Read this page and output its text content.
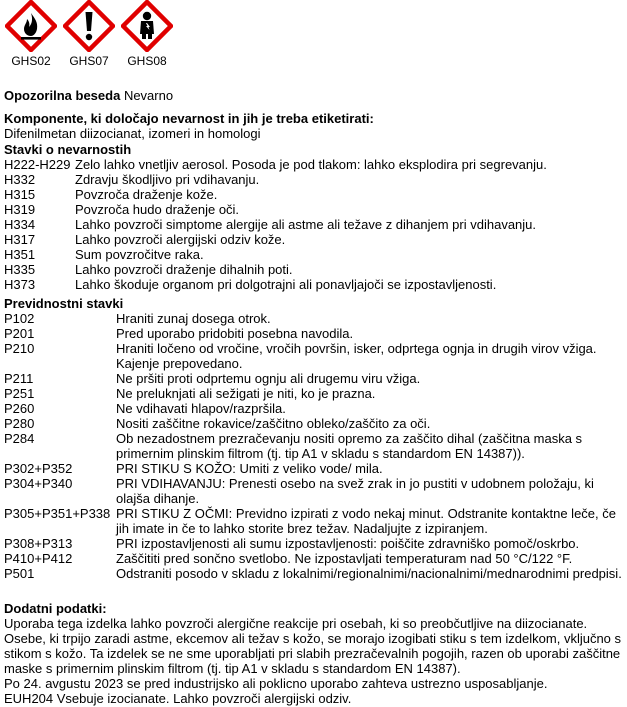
GHS02 GHS07 GHS08
Opozorilna beseda Nevarno
Komponente, ki določajo nevarnost in jih je treba etiketirati:
Difenilmetan diizocianat, izomeri in homologi
Stavki o nevarnostih
H222-H229 Zelo lahko vnetljiv aerosol. Posoda je pod tlakom: lahko eksplodira pri segrevanju.
H332	Zdravju škodljivo pri vdihavanju.
H315	Povzroča draženje kože.
H319	Povzroča hudo draženje oči.
H334	Lahko povzroči simptome alergije ali astme ali težave z dihanjem pri vdihavanju.
H317	Lahko povzroči alergijski odziv kože.
H351	Sum povzročitve raka.
H335	Lahko povzroči draženje dihalnih poti.
H373	Lahko škoduje organom pri dolgotrajni ali ponavljajoči se izpostavljenosti.
Previdnostni stavki
P102	Hraniti zunaj dosega otrok.
P201	Pred uporabo pridobiti posebna navodila.
P210	Hraniti ločeno od vročine, vročih površin, isker, odprtega ognja in drugih virov vžiga. Kajenje prepovedano.
P211	Ne pršiti proti odprtemu ognju ali drugemu viru vžiga.
P251	Ne preluknjati ali sežigati je niti, ko je prazna.
P260	Ne vdihavati hlapov/razpršila.
P280	Nositi zaščitne rokavice/zaščitno obleko/zaščito za oči.
P284	Ob nezadostnem prezračevanju nositi opremo za zaščito dihal (zaščitna maska s primernim plinskim filtrom (tj. tip A1 v skladu s standardom EN 14387)).
P302+P352	PRI STIKU S KOŽO: Umiti z veliko vode/ mila.
P304+P340	PRI VDIHAVANJU: Prenesti osebo na svež zrak in jo pustiti v udobnem položaju, ki olajša dihanje.
P305+P351+P338 PRI STIKU Z OČMI: Previdno izpirati z vodo nekaj minut. Odstranite kontaktne leče, če jih imate in če to lahko storite brez težav. Nadaljujte z izpiranjem.
P308+P313	PRI izpostavljenosti ali sumu izpostavljenosti: poiščite zdravniško pomoč/oskrbo.
P410+P412	Zaščititi pred sončno svetlobo. Ne izpostavljati temperaturam nad 50 °C/122 °F.
P501	Odstraniti posodo v skladu z lokalnimi/regionalnimi/nacionalnimi/mednarodnimi predpisi.
Dodatni podatki:
Uporaba tega izdelka lahko povzroči alergične reakcije pri osebah, ki so preobčutljive na diizocianate.
Osebe, ki trpijo zaradi astme, ekcemov ali težav s kožo, se morajo izogibati stiku s tem izdelkom, vključno s stikom s kožo. Ta izdelek se ne sme uporabljati pri slabih prezračevalnih pogojih, razen ob uporabi zaščitne maske s primernim plinskim filtrom (tj. tip A1 v skladu s standardom EN 14387).
Po 24. avgustu 2023 se pred industrijsko ali poklicno uporabo zahteva ustrezno usposabljanje.
EUH204 Vsebuje izocianate. Lahko povzroči alergijski odziv.
